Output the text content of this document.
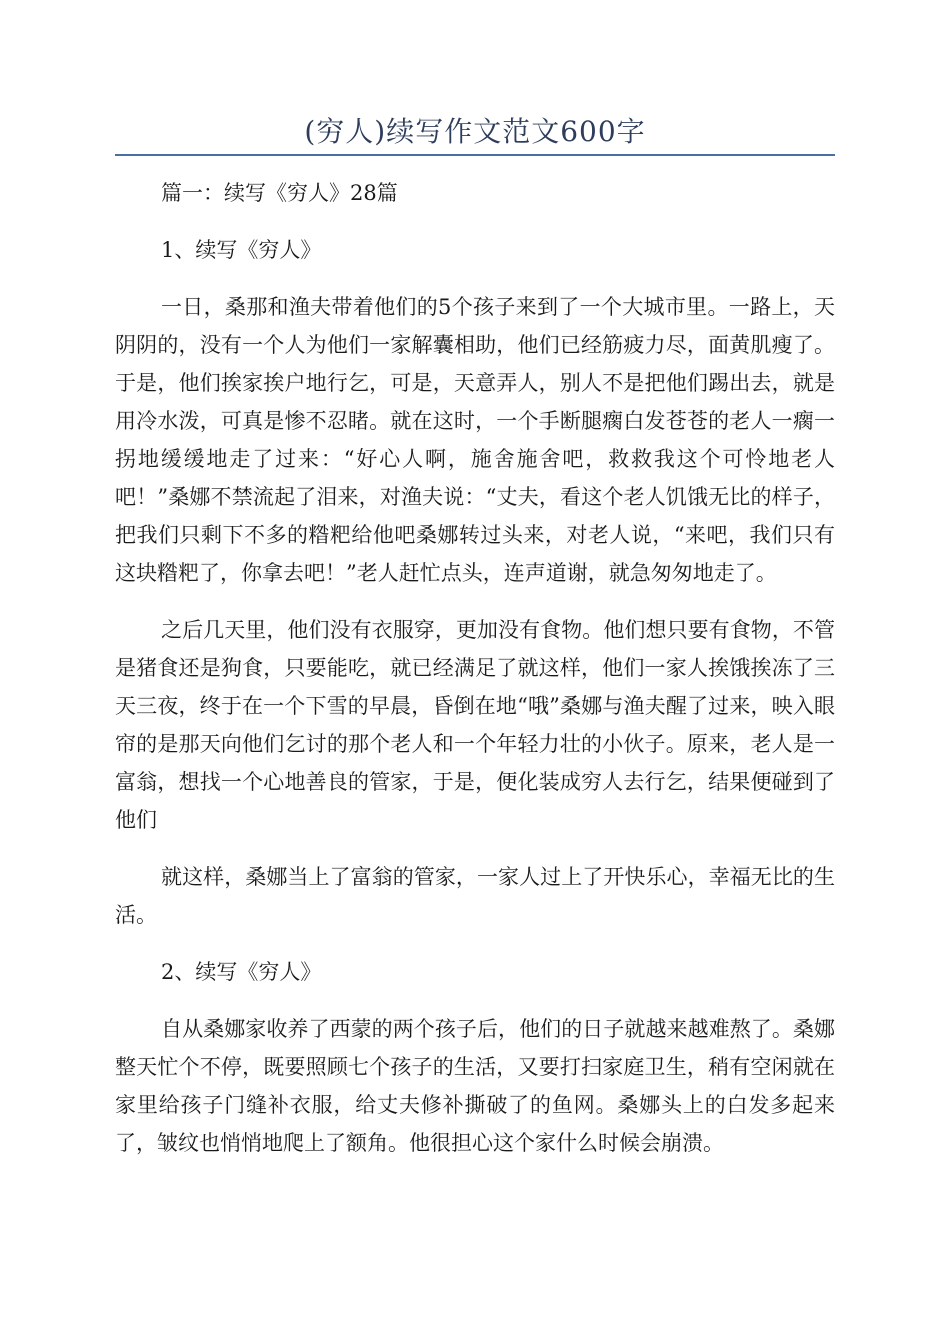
(穷人)续写作文范文600字

篇一：续写《穷人》28篇

1、续写《穷人》

一日，桑那和渔夫带着他们的5个孩子来到了一个大城市里。一路上，天阴阴的，没有一个人为他们一家解囊相助，他们已经筋疲力尽，面黄肌瘦了。于是，他们挨家挨户地行乞，可是，天意弄人，别人不是把他们踢出去，就是用冷水泼，可真是惨不忍睹。就在这时，一个手断腿瘸白发苍苍的老人一瘸一拐地缓缓地走了过来：“好心人啊，施舍施舍吧，救救我这个可怜地老人吧！”桑娜不禁流起了泪来，对渔夫说：“丈夫，看这个老人饥饿无比的样子，把我们只剩下不多的糌粑给他吧桑娜转过头来，对老人说，“来吧，我们只有这块糌粑了，你拿去吧！”老人赶忙点头，连声道谢，就急匆匆地走了。

之后几天里，他们没有衣服穿，更加没有食物。他们想只要有食物，不管是猪食还是狗食，只要能吃，就已经满足了就这样，他们一家人挨饿挨冻了三天三夜，终于在一个下雪的早晨，昏倒在地“哦”桑娜与渔夫醒了过来，映入眼帘的是那天向他们乞讨的那个老人和一个年轻力壮的小伙子。原来，老人是一富翁，想找一个心地善良的管家，于是，便化装成穷人去行乞，结果便碰到了他们

就这样，桑娜当上了富翁的管家，一家人过上了开快乐心，幸福无比的生活。

2、续写《穷人》

自从桑娜家收养了西蒙的两个孩子后，他们的日子就越来越难熬了。桑娜整天忙个不停，既要照顾七个孩子的生活，又要打扫家庭卫生，稍有空闲就在家里给孩子门缝补衣服，给丈夫修补撕破了的鱼网。桑娜头上的白发多起来了，皱纹也悄悄地爬上了额角。他很担心这个家什么时候会崩溃。
